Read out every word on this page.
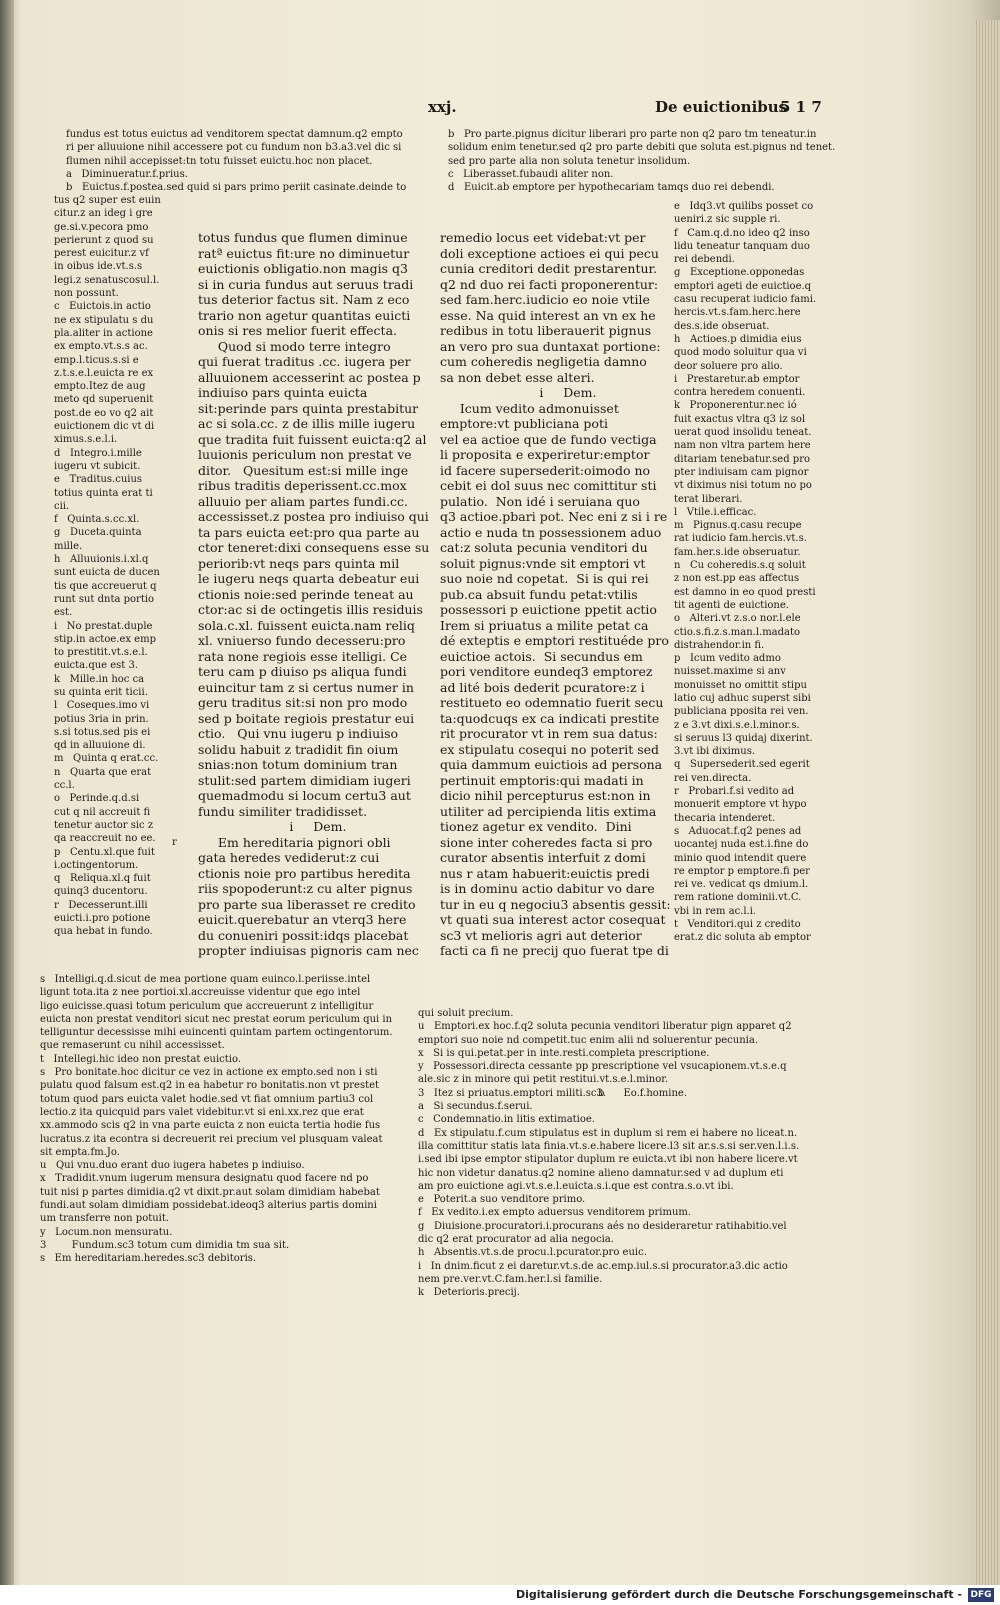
xxj.	De euictionibus
5 1 7
fundus est totus euictus ad venditorem spectat damnum.q2 empto
ri per alluuione nihil accessere pot cu fundum non b3.a3.vel dic si
flumen nihil accepisset:tn totu fuisset euictu.hoc non placet.
a   Diminueratur.f.prius.
b   Euictus.f.postea.sed quid si pars primo periit casinate.deinde to
b   Pro parte.pignus dicitur liberari pro parte non q2 paro tm teneatur.in
solidum enim tenetur.sed q2 pro parte debiti que soluta est.pignus nd tenet.
sed pro parte alia non soluta tenetur insolidum.
c   Liberasset.fubaudi aliter non.
d   Euicit.ab emptore per hypothecariam tamqs duo rei debendi.
tus q2 super est euin
citur.z an ideg i gre
ge.si.v.pecora pmo
perierunt z quod su
perest euicitur.z vf
in oibus ide.vt.s.s
legi.z senatuscosul.l.
non possunt.
c   Euictois.in actio
ne ex stipulatu s du
pla.aliter in actione
ex empto.vt.s.s ac.
emp.l.ticus.s.si e
z.t.s.e.l.euicta re ex
empto.Itez de aug
meto qd superuenit
post.de eo vo q2 ait
euictionem dic vt di
ximus.s.e.l.i.
d   Integro.i.mille
iugeru vt subicit.
e   Traditus.cuius
totius quinta erat ti
cii.
f   Quinta.s.cc.xl.
g   Duceta.quinta
mille.
h   Alluuionis.i.xl.q
sunt euicta de ducen
tis que accreuerut q
runt sut dnta portio
est.
i   No prestat.duple
stip.in actoe.ex emp
to prestitit.vt.s.e.l.
euicta.que est 3.
k   Mille.in hoc ca
su quinta erit ticii.
l   Coseques.imo vi
potius 3ria in prin.
s.si totus.sed pis ei
qd in alluuione di.
m   Quinta q erat.cc.
n   Quarta que erat
cc.l.
o   Perinde.q.d.si
cut q nil accreuit fi
tenetur auctor sic z
qa reaccreuit no ee.
p   Centu.xl.que fuit
i.octingentorum.
q   Reliqua.xl.q fuit
quinq3 ducentoru.
r   Decesserunt.illi
euicti.i.pro potione
qua hebat in fundo.
totus fundus que flumen diminue
ratª euictus fit:ure no diminuetur
euictionis obligatio.non magis q3
si in curia fundus aut seruus tradi
tus deterior factus sit. Nam z eco
trario non agetur quantitas euicti
onis si res melior fuerit effecta.
Quod si modo terre integro
qui fuerat traditus .cc. iugera per
alluuionem accesserint ac postea p
indiuiso pars quinta euicta
sit:perinde pars quinta prestabitur
ac si sola.cc. z de illis mille iugeru
que tradita fuit fuissent euicta:q2 al
luuionis periculum non prestat ve
ditor.   Quesitum est:si mille inge
ribus traditis deperissent.cc.mox
alluuio per aliam partes fundi.cc.
accessisset.z postea pro indiuiso qui
ta pars euicta eet:pro qua parte au
ctor teneret:dixi consequens esse su
periorib:vt neqs pars quinta mil
le iugeru neqs quarta debeatur eui
ctionis noie:sed perinde teneat au
ctor:ac si de octingetis illis residuis
sola.c.xl. fuissent euicta.nam reliq
xl. vniuerso fundo decesseru:pro
rata none regiois esse itelligi. Ce
teru cam p diuiso ps aliqua fundi
euincitur tam z si certus numer in
geru traditus sit:si non pro modo
sed p boitate regiois prestatur eui
ctio.   Qui vnu iugeru p indiuiso
solidu habuit z tradidit fin oium
snias:non totum dominium tran
stulit:sed partem dimidiam iugeri
quemadmodu si locum certu3 aut
fundu similiter tradidisset.
i     Dem.
Em hereditaria pignori obli
gata heredes vediderut:z cui
ctionis noie pro partibus heredita
riis spopoderunt:z cu alter pignus
pro parte sua liberasset re credito
euicit.querebatur an vterq3 here
du conueniri possit:idqs placebat
propter indiuisas pignoris cam nec
remedio locus eet videbat:vt per
doli exceptione actioes ei qui pecu
cunia creditori dedit prestarentur.
q2 nd duo rei facti proponerentur:
sed fam.herc.iudicio eo noie vtile
esse. Na quid interest an vn ex he
redibus in totu liberauerit pignus
an vero pro sua duntaxat portione:
cum coheredis negligetia damno
sa non debet esse alteri.
i     Dem.
Icum vedito admonuisset
emptore:vt publiciana poti
vel ea actioe que de fundo vectiga
li proposita e experiretur:emptor
id facere supersederit:oimodo no
cebit ei dol suus nec comittitur sti
pulatio.  Non idé i seruiana quo
q3 actioe.pbari pot. Nec eni z si i re
actio e nuda tn possessionem aduo
cat:z soluta pecunia venditori du
soluit pignus:vnde sit emptori vt
suo noie nd copetat.  Si is qui rei
pub.ca absuit fundu petat:vtilis
possessori p euictione ppetit actio
Irem si priuatus a milite petat ca
dé exteptis e emptori restituéde pro
euictioe actois.  Si secundus em
pori venditore eundeq3 emptorez
ad lité bois dederit pcuratore:z i
restitueto eo odemnatio fuerit secu
ta:quodcuqs ex ca indicati prestite
rit procurator vt in rem sua datus:
ex stipulatu cosequi no poterit sed
quia dammum euictiois ad persona
pertinuit emptoris:qui madati in
dicio nihil percepturus est:non in
utiliter ad percipienda litis extima
tionez agetur ex vendito.  Dini
sione inter coheredes facta si pro
curator absentis interfuit z domi
nus r atam habuerit:euictis predi
is in dominu actio dabitur vo dare
tur in eu q negociu3 absentis gessit:
vt quati sua interest actor cosequat
sc3 vt melioris agri aut deterior
facti ca fi ne precij quo fuerat tpe di
e   Idq3.vt quilibs posset co
ueniri.z sic supple ri.
f   Cam.q.d.no ideo q2 inso
lidu teneatur tanquam duo
rei debendi.
g   Exceptione.opponedas
emptori ageti de euictioe.q
casu recuperat iudicio fami.
hercis.vt.s.fam.herc.here
des.s.ide obseruat.
h   Actioes.p dimidia eius
quod modo soluitur qua vi
deor soluere pro alio.
i   Prestaretur.ab emptor
contra heredem conuenti.
k   Proponerentur.nec ió
fuit exactus vltra q3 iz sol
uerat quod insolidu teneat.
nam non vltra partem here
ditariam tenebatur.sed pro
pter indiuisam cam pignor
vt diximus nisi totum no po
terat liberari.
l   Vtile.i.efficac.
m   Pignus.q.casu recupe
rat iudicio fam.hercis.vt.s.
fam.her.s.ide obseruatur.
n   Cu coheredis.s.q soluit
z non est.pp eas affectus
est damno in eo quod presti
tit agenti de euictione.
o   Alteri.vt z.s.o nor.l.ele
ctio.s.fi.z.s.man.l.madato
distrahendor.in fi.
p   Icum vedito admo
nuisset.maxime si anv
monuisset no omittit stipu
latio cuj adhuc superst sibi
publiciana pposita rei ven.
z e 3.vt dixi.s.e.l.minor.s.
si seruus l3 quidaj dixerint.
3.vt ibi diximus.
q   Supersederit.sed egerit
rei ven.directa.
r   Probari.f.si vedito ad
monuerit emptore vt hypo
thecaria intenderet.
s   Aduocat.f.q2 penes ad
uocantej nuda est.i.fine do
minio quod intendit quere
re emptor p emptore.fi per
rei ve. vedicat qs dmium.l.
rem ratione dominii.vt.C.
vbi in rem ac.l.i.
t   Venditori.qui z credito
erat.z dic soluta ab emptor
r
s   Intelligi.q.d.sicut de mea portione quam euinco.l.periisse.intel
ligunt tota.ita z nee portioi.xl.accreuisse videntur que ego intel
ligo euicisse.quasi totum periculum que accreuerunt z intelligitur
euicta non prestat venditori sicut nec prestat eorum periculum qui in
telliguntur decessisse mihi euincenti quintam partem octingentorum.
que remaserunt cu nihil accessisset.
t   Intellegi.hic ideo non prestat euictio.
s   Pro bonitate.hoc dicitur ce vez in actione ex empto.sed non i sti
pulatu quod falsum est.q2 in ea habetur ro bonitatis.non vt prestet
totum quod pars euicta valet hodie.sed vt fiat omnium partiu3 col
lectio.z ita quicquid pars valet videbitur.vt si eni.xx.rez que erat
xx.ammodo scis q2 in vna parte euicta z non euicta tertia hodie fus
lucratus.z ita econtra si decreuerit rei precium vel plusquam valeat
sit empta.fm.Jo.
u   Qui vnu.duo erant duo iugera habetes p indiuiso.
x   Tradidit.vnum iugerum mensura designatu quod facere nd po
tuit nisi p partes dimidia.q2 vt dixit.pr.aut solam dimidiam habebat
fundi.aut solam dimidiam possidebat.ideoq3 alterius partis domini
um transferre non potuit.
y   Locum.non mensuratu.
3        Fundum.sc3 totum cum dimidia tm sua sit.
s   Em hereditariam.heredes.sc3 debitoris.
qui soluit precium.
u   Emptori.ex hoc.f.q2 soluta pecunia venditori liberatur pign apparet q2
emptori suo noie nd competit.tuc enim alii nd soluerentur pecunia.
x   Si is qui.petat.per in inte.resti.completa prescriptione.
y   Possessori.directa cessante pp prescriptione vel vsucapionem.vt.s.e.q
ale.sic z in minore qui petit restitui.vt.s.e.l.minor.
3   Itez si priuatus.emptori militi.sc3.
a   Si secundus.f.serui.
c   Condemnatio.in litis extimatioe.
d   Ex stipulatu.f.cum stipulatus est in duplum si rem ei habere no liceat.n.
illa comittitur statis lata finia.vt.s.e.habere licere.l3 sit ar.s.s.si ser.ven.l.i.s.
i.sed ibi ipse emptor stipulator duplum re euicta.vt ibi non habere licere.vt
hic non videtur danatus.q2 nomine alieno damnatur.sed v ad duplum eti
am pro euictione agi.vt.s.e.l.euicta.s.i.que est contra.s.o.vt ibi.
e   Poterit.a suo venditore primo.
f   Ex vedito.i.ex empto aduersus venditorem primum.
g   Diuisione.procuratori.i.procurans aés no desideraretur ratihabitio.vel
dic q2 erat procurator ad alia negocia.
h   Absentis.vt.s.de procu.l.pcurator.pro euic.
i   In dnim.ficut z ei daretur.vt.s.de ac.emp.iul.s.si procurator.a3.dic actio
nem pre.ver.vt.C.fam.her.l.si familie.
k   Deterioris.precij.
b      Eo.f.homine.
Digitalisierung gefördert durch die Deutsche Forschungsgemeinschaft - DFG
